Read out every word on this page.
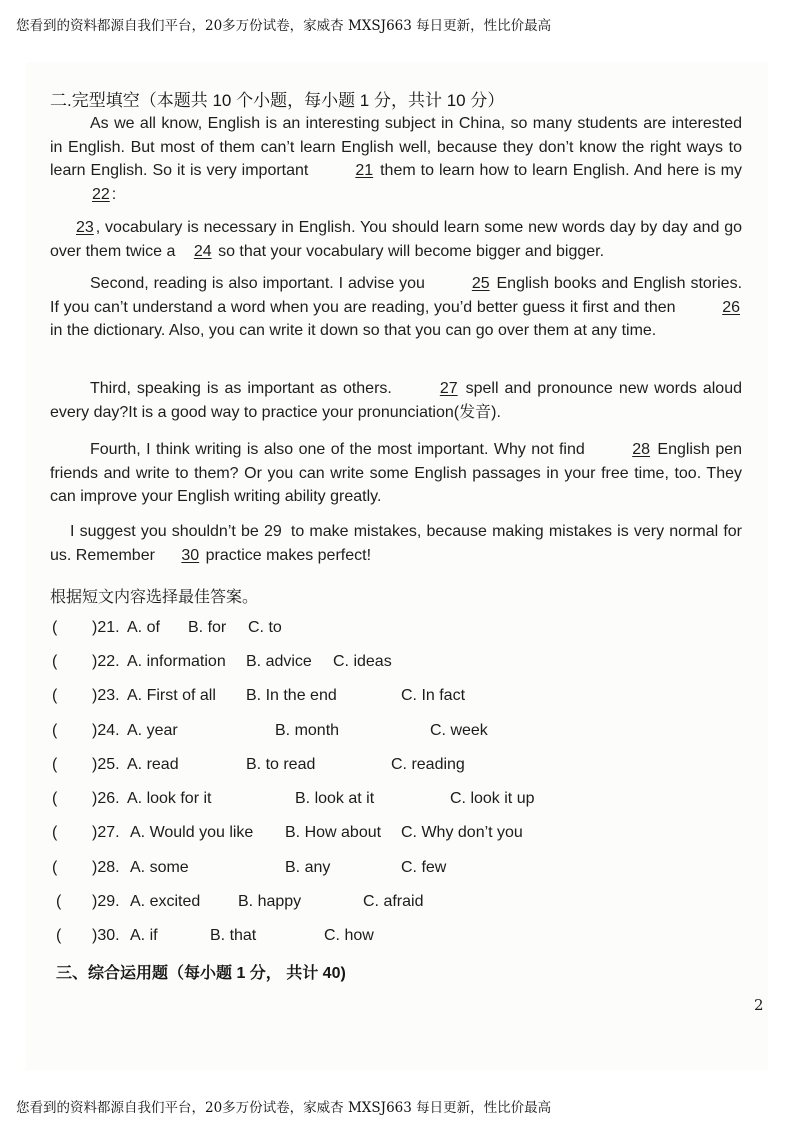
您看到的资料都源自我们平台，20多万份试卷，家威杏 MXSJ663 每日更新，性比价最高
二.完型填空（本题共 10 个小题，每小题 1 分，共计 10 分）

As we all know, English is an interesting subject in China, so many students are interested in English. But most of them can’t learn English well, because they don’t know the right ways to learn English. So it is very important	21 them to learn how to learn English. And here is my 22 :

23 , vocabulary is necessary in English. You should learn some new words day by day and go over them twice a 24 so that your vocabulary will become bigger and bigger.

Second, reading is also important. I advise you	25 English books and English stories. If you can’t understand a word when you are reading, you’d better guess it first and then	26 in the dictionary. Also, you can write it down so that you can go over them at any time.

Third, speaking is as important as others.	27 spell and pronounce new words aloud every day?It is a good way to practice your pronunciation(发音).

Fourth, I think writing is also one of the most important. Why not find	28 English pen friends and write to them? Or you can write some English passages in your free time, too. They can improve your English writing ability greatly.

I suggest you shouldn’t be 29 to make mistakes, because making mistakes is very normal for us. Remember 30 practice makes perfect!

根据短文内容选择最佳答案。
( )21. A. of B. for C. to
( )22. A. information B. advice C. ideas
( )23. A. First of all B. In the end	C. In fact
( )24. A. year	B. month	C. week
( )25. A. read	B. to read	C. reading
( )26. A. look for it	B. look at it	C. look it up
( )27. A. Would you like B. How about C. Why don’t you
( )28. A. some	B. any	C. few
( )29. A. excited B. happy	C. afraid
( )30. A. if	B. that	C. how
三、综合运用题（每小题 1 分， 共计 40)
2
您看到的资料都源自我们平台，20多万份试卷，家威杏 MXSJ663 每日更新，性比价最高
